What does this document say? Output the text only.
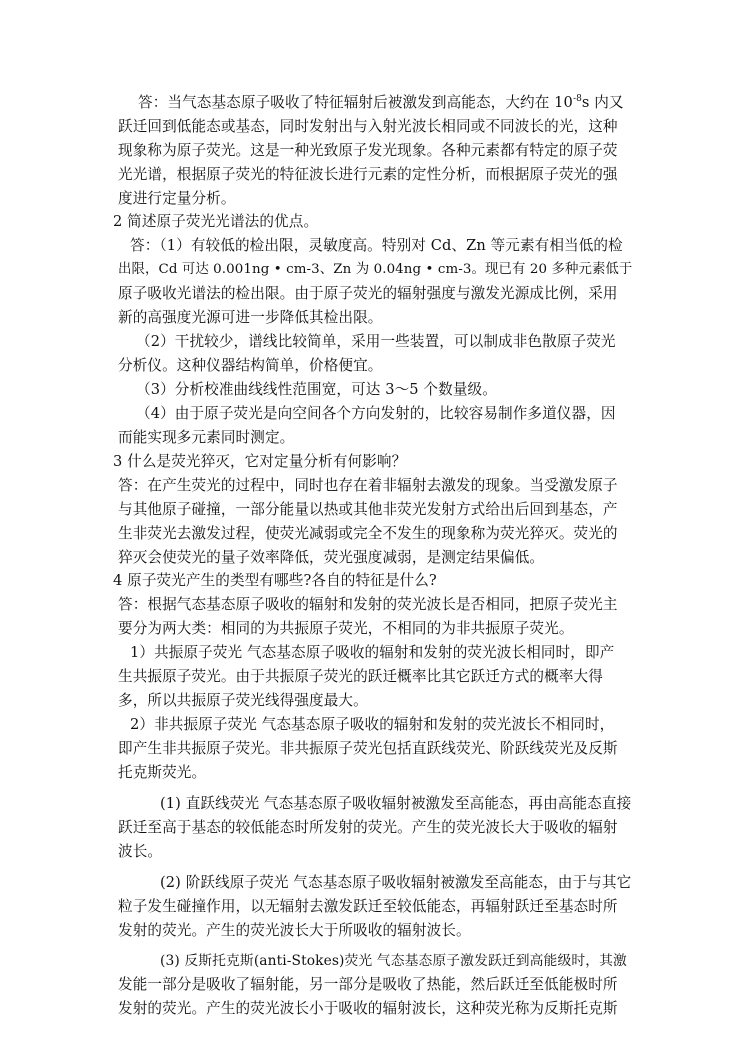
答：当气态基态原子吸收了特征辐射后被激发到高能态，大约在 $10^{-8}s$ 内又
跃迁回到低能态或基态，同时发射出与入射光波长相同或不同波长的光，这种
现象称为原子荧光。这是一种光致原子发光现象。各种元素都有特定的原子荧
光光谱，根据原子荧光的特征波长进行元素的定性分析，而根据原子荧光的强
度进行定量分析。
2 简述原子荧光光谱法的优点。
答：（1）有较低的检出限，灵敏度高。特别对 Cd、Zn 等元素有相当低的检
出限，Cd 可达 0.001ng • cm-3、Zn 为 0.04ng • cm-3。现已有 20 多种元素低于
原子吸收光谱法的检出限。由于原子荧光的辐射强度与激发光源成比例，采用
新的高强度光源可进一步降低其检出限。
（2）干扰较少，谱线比较简单，采用一些装置，可以制成非色散原子荧光
分析仪。这种仪器结构简单，价格便宜。
（3）分析校准曲线线性范围宽，可达 3～5 个数量级。
（4）由于原子荧光是向空间各个方向发射的，比较容易制作多道仪器，因
而能实现多元素同时测定。
3 什么是荧光猝灭，它对定量分析有何影响？
答：在产生荧光的过程中，同时也存在着非辐射去激发的现象。当受激发原子
与其他原子碰撞，一部分能量以热或其他非荧光发射方式给出后回到基态，产
生非荧光去激发过程，使荧光减弱或完全不发生的现象称为荧光猝灭。荧光的
猝灭会使荧光的量子效率降低，荧光强度减弱，是测定结果偏低。
4 原子荧光产生的类型有哪些?各自的特征是什么?
答：根据气态基态原子吸收的辐射和发射的荧光波长是否相同，把原子荧光主
要分为两大类：相同的为共振原子荧光，不相同的为非共振原子荧光。
1）共振原子荧光 气态基态原子吸收的辐射和发射的荧光波长相同时，即产
生共振原子荧光。由于共振原子荧光的跃迁概率比其它跃迁方式的概率大得
多，所以共振原子荧光线得强度最大。
2）非共振原子荧光 气态基态原子吸收的辐射和发射的荧光波长不相同时，
即产生非共振原子荧光。非共振原子荧光包括直跃线荧光、阶跃线荧光及反斯
托克斯荧光。
(1) 直跃线荧光 气态基态原子吸收辐射被激发至高能态，再由高能态直接
跃迁至高于基态的较低能态时所发射的荧光。产生的荧光波长大于吸收的辐射
波长。
(2) 阶跃线原子荧光 气态基态原子吸收辐射被激发至高能态，由于与其它
粒子发生碰撞作用，以无辐射去激发跃迁至较低能态，再辐射跃迁至基态时所
发射的荧光。产生的荧光波长大于所吸收的辐射波长。
(3) 反斯托克斯(anti-Stokes)荧光 气态基态原子激发跃迁到高能级时，其激
发能一部分是吸收了辐射能，另一部分是吸收了热能，然后跃迁至低能极时所
发射的荧光。产生的荧光波长小于吸收的辐射波长，这种荧光称为反斯托克斯
